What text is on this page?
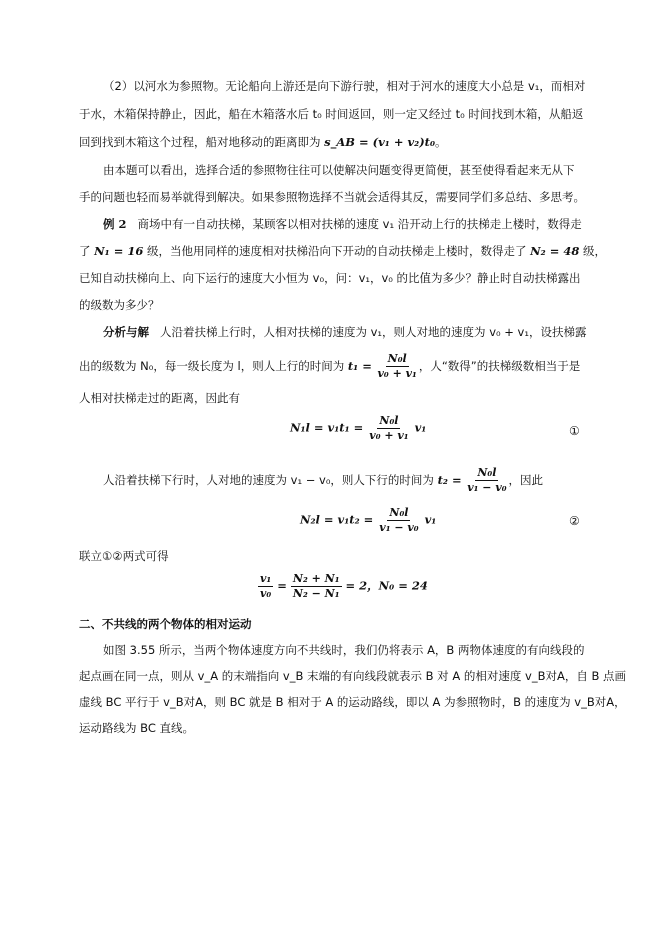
（2）以河水为参照物。无论船向上游还是向下游行驶，相对于河水的速度大小总是 v₁，而相对
于水，木箱保持静止，因此，船在木箱落水后 t₀ 时间返回，则一定又经过 t₀ 时间找到木箱，从船返
回到找到木箱这个过程，船对地移动的距离即为 s_AB = (v₁ + v₂)t₀。
由本题可以看出，选择合适的参照物往往可以使解决问题变得更简便，甚至使得看起来无从下
手的问题也轻而易举就得到解决。如果参照物选择不当就会适得其反，需要同学们多总结、多思考。
例 2 商场中有一自动扶梯，某顾客以相对扶梯的速度 v₁ 沿开动上行的扶梯走上楼时，数得走
了 N₁ = 16 级，当他用同样的速度相对扶梯沿向下开动的自动扶梯走上楼时，数得走了 N₂ = 48 级，
已知自动扶梯向上、向下运行的速度大小恒为 v₀，问：v₁，v₀ 的比值为多少？静止时自动扶梯露出
的级数为多少？
分析与解 人沿着扶梯上行时，人相对扶梯的速度为 v₁，则人对地的速度为 v₀ + v₁，设扶梯露
出的级数为 N₀，每一级长度为 l，则人上行的时间为 $t_1 = \frac{\text{N₀l}}{\text{v₀ + v₁}}$ ，人“数得”的扶梯级数相当于是
人相对扶梯走过的距离，因此有
$N_1l = v_1t_1 = \frac{\text{N₀l}}{\text{v₀ + v₁}} v_1$	①
人沿着扶梯下行时，人对地的速度为 v₁ − v₀，则人下行的时间为 $t_2 = \frac{\text{N₀l}}{\text{v₁ − v₀}}$ ，因此
$N_2l = v_1t_2 = \frac{\text{N₀l}}{\text{v₁ − v₀}} v_1$	②
联立①②两式可得
$\frac{\text{v₁}}{\text{v₀}} = \frac{\text{N₂ + N₁}}{\text{N₂ − N₁}} = 2$，N₀ = 24
二、不共线的两个物体的相对运动
如图 3.55 所示，当两个物体速度方向不共线时，我们仍将表示 A，B 两物体速度的有向线段的
起点画在同一点，则从 v_A 的末端指向 v_B 末端的有向线段就表示 B 对 A 的相对速度 v_B对A，自 B 点画
虚线 BC 平行于 v_B对A，则 BC 就是 B 相对于 A 的运动路线，即以 A 为参照物时，B 的速度为 v_B对A，
运动路线为 BC 直线。
